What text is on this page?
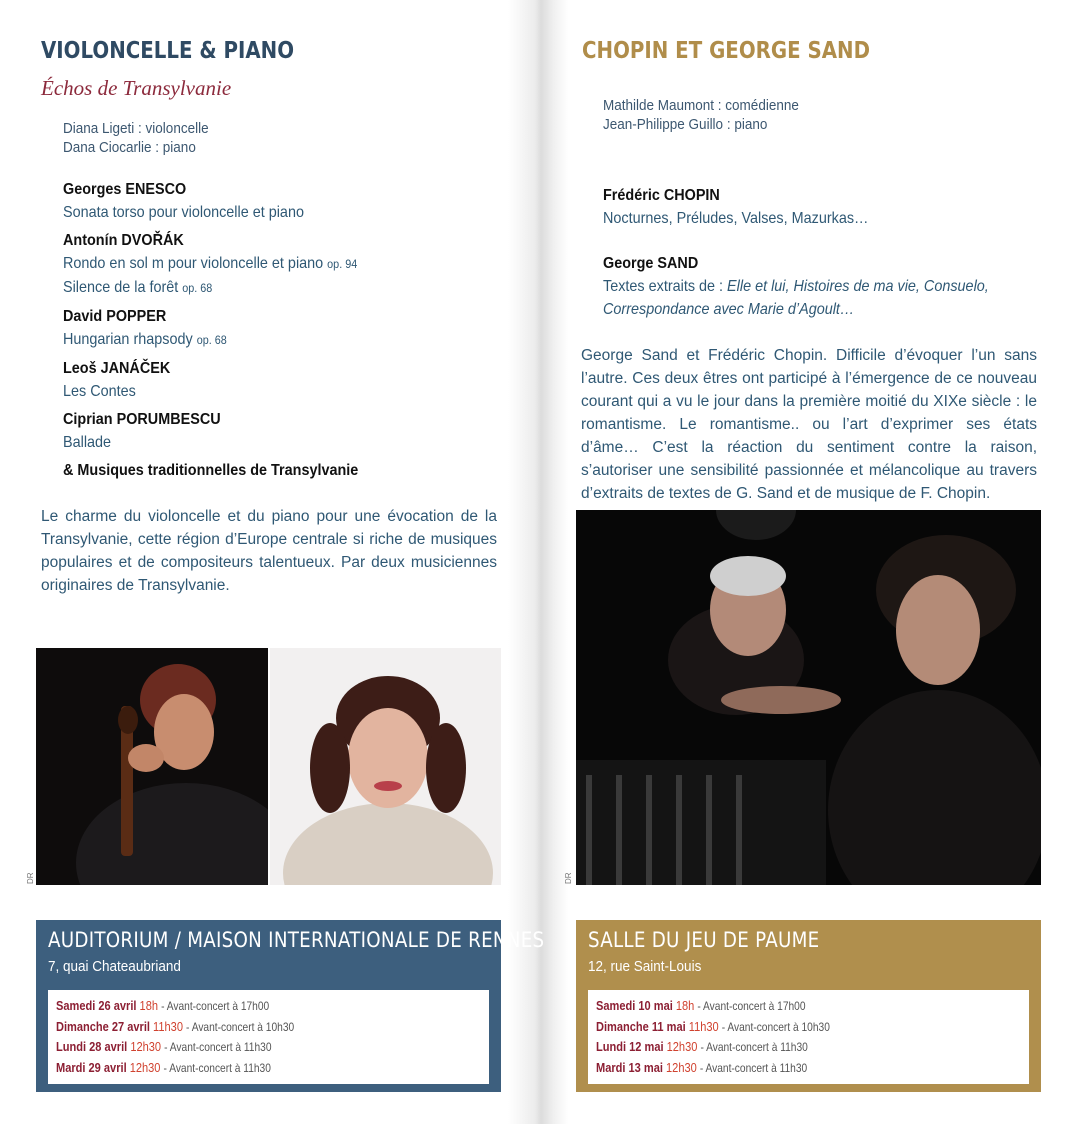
VIOLONCELLE & PIANO
Échos de Transylvanie
Diana Ligeti : violoncelle
Dana Ciocarlie : piano
Georges ENESCO
Sonata torso pour violoncelle et piano
Antonín DVOŘÁK
Rondo en sol m pour violoncelle et piano op. 94
Silence de la forêt op. 68
David POPPER
Hungarian rhapsody op. 68
Leoš JANÁČEK
Les Contes
Ciprian PORUMBESCU
Ballade
& Musiques traditionnelles de Transylvanie
Le charme du violoncelle et du piano pour une évocation de la Transylvanie, cette région d’Europe centrale si riche de musiques populaires et de compositeurs talentueux. Par deux musiciennes originaires de Transylvanie.
DR
AUDITORIUM / MAISON INTERNATIONALE DE RENNES
7, quai Chateaubriand
Samedi 26 avril 18h - Avant-concert à 17h00
Dimanche 27 avril 11h30 - Avant-concert à 10h30
Lundi 28 avril 12h30 - Avant-concert à 11h30
Mardi 29 avril 12h30 - Avant-concert à 11h30
CHOPIN ET GEORGE SAND
Mathilde Maumont : comédienne
Jean-Philippe Guillo : piano
Frédéric CHOPIN
Nocturnes, Préludes, Valses, Mazurkas…
George SAND
Textes extraits de : Elle et lui, Histoires de ma vie, Consuelo,
Correspondance avec Marie d’Agoult…
George Sand et Frédéric Chopin. Difficile d’évoquer l’un sans l’autre. Ces deux êtres ont participé à l’émergence de ce nouveau courant qui a vu le jour dans la première moitié du XIXe siècle : le romantisme. Le romantisme.. ou l’art d’exprimer ses états d’âme… C’est la réaction du sentiment contre la raison, s’autoriser une sensibilité passionnée et mélancolique au travers d’extraits de textes de G. Sand et de musique de F. Chopin.
DR
SALLE DU JEU DE PAUME
12, rue Saint-Louis
Samedi 10 mai 18h - Avant-concert à 17h00
Dimanche 11 mai 11h30 - Avant-concert à 10h30
Lundi 12 mai 12h30 - Avant-concert à 11h30
Mardi 13 mai 12h30 - Avant-concert à 11h30
